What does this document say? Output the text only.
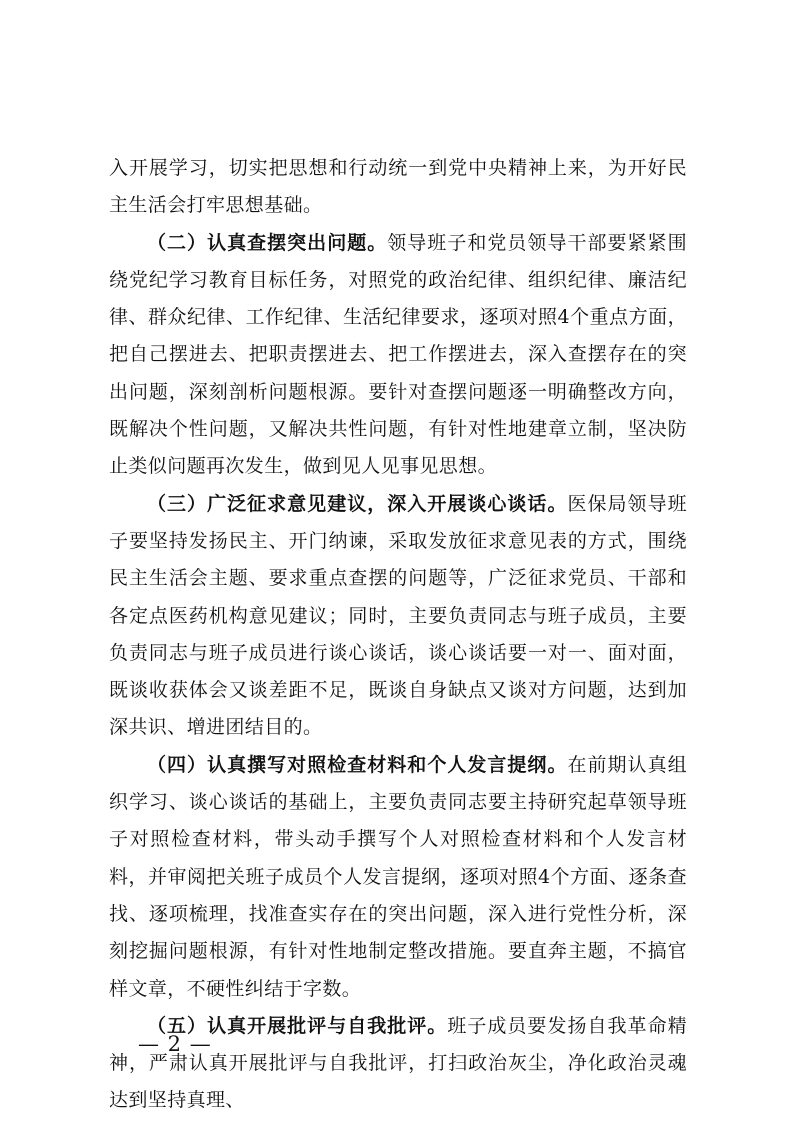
入开展学习，切实把思想和行动统一到党中央精神上来，为开好民主生活会打牢思想基础。

（二）认真查摆突出问题。领导班子和党员领导干部要紧紧围绕党纪学习教育目标任务，对照党的政治纪律、组织纪律、廉洁纪律、群众纪律、工作纪律、生活纪律要求，逐项对照4个重点方面，把自己摆进去、把职责摆进去、把工作摆进去，深入查摆存在的突出问题，深刻剖析问题根源。要针对查摆问题逐一明确整改方向，既解决个性问题，又解决共性问题，有针对性地建章立制，坚决防止类似问题再次发生，做到见人见事见思想。

（三）广泛征求意见建议，深入开展谈心谈话。医保局领导班子要坚持发扬民主、开门纳谏，采取发放征求意见表的方式，围绕民主生活会主题、要求重点查摆的问题等，广泛征求党员、干部和各定点医药机构意见建议；同时，主要负责同志与班子成员，主要负责同志与班子成员进行谈心谈话，谈心谈话要一对一、面对面，既谈收获体会又谈差距不足，既谈自身缺点又谈对方问题，达到加深共识、增进团结目的。

（四）认真撰写对照检查材料和个人发言提纲。在前期认真组织学习、谈心谈话的基础上，主要负责同志要主持研究起草领导班子对照检查材料，带头动手撰写个人对照检查材料和个人发言材料，并审阅把关班子成员个人发言提纲，逐项对照4个方面、逐条查找、逐项梳理，找准查实存在的突出问题，深入进行党性分析，深刻挖掘问题根源，有针对性地制定整改措施。要直奔主题，不搞官样文章，不硬性纠结于字数。

（五）认真开展批评与自我批评。班子成员要发扬自我革命精神，严肃认真开展批评与自我批评，打扫政治灰尘，净化政治灵魂达到坚持真理、

— 2 —
